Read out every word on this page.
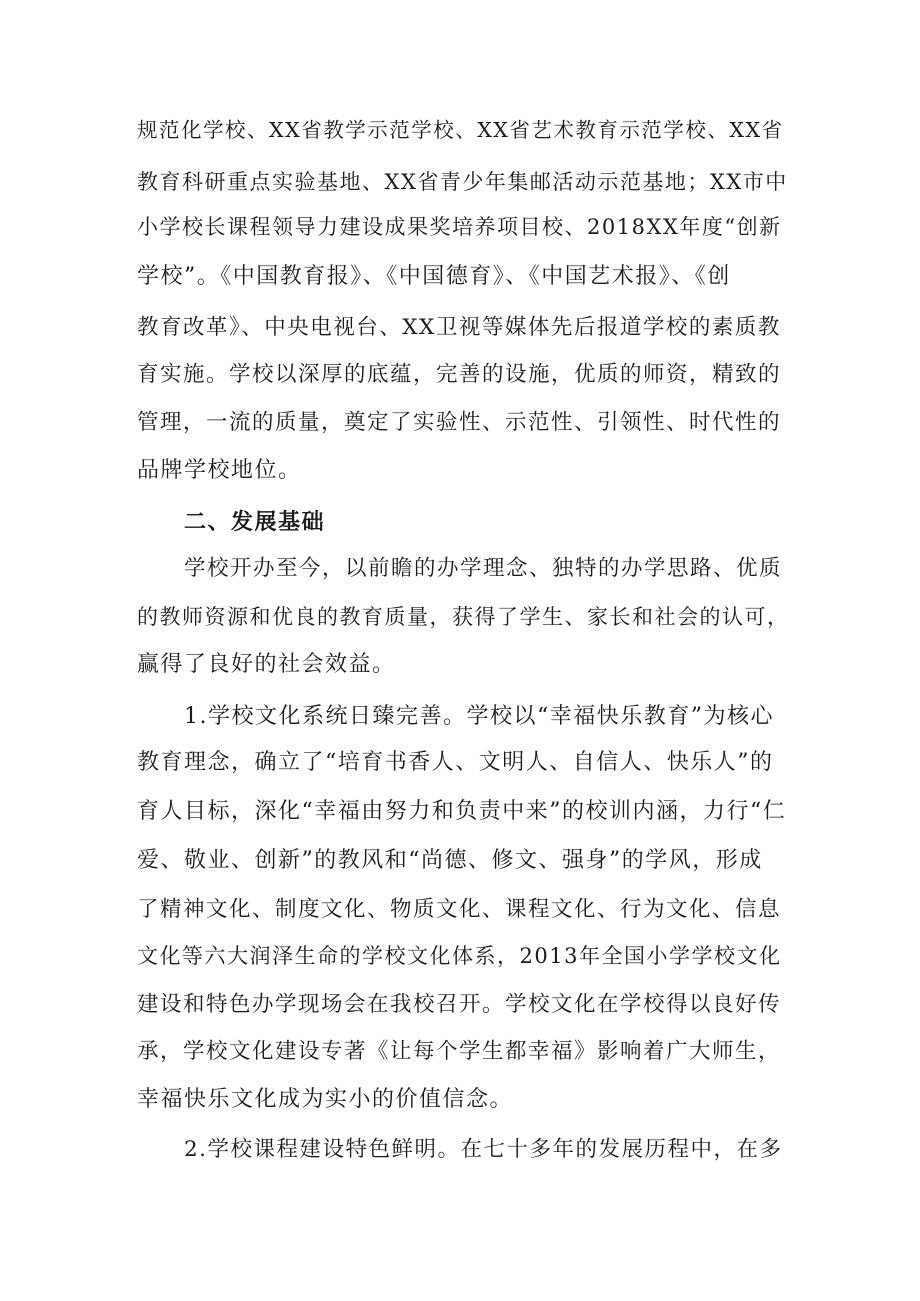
规范化学校、XX省教学示范学校、XX省艺术教育示范学校、XX省
教育科研重点实验基地、XX省青少年集邮活动示范基地；XX市中
小学校长课程领导力建设成果奖培养项目校、2018XX年度“创新
学校”。《中国教育报》、《中国德育》、《中国艺术报》、《创
教育改革》、中央电视台、XX卫视等媒体先后报道学校的素质教
育实施。学校以深厚的底蕴，完善的设施，优质的师资，精致的
管理，一流的质量，奠定了实验性、示范性、引领性、时代性的
品牌学校地位。
二、发展基础
学校开办至今，以前瞻的办学理念、独特的办学思路、优质
的教师资源和优良的教育质量，获得了学生、家长和社会的认可，
赢得了良好的社会效益。
1.学校文化系统日臻完善。学校以“幸福快乐教育”为核心
教育理念，确立了“培育书香人、文明人、自信人、快乐人”的
育人目标，深化“幸福由努力和负责中来”的校训内涵，力行“仁
爱、敬业、创新”的教风和“尚德、修文、强身”的学风，形成
了精神文化、制度文化、物质文化、课程文化、行为文化、信息
文化等六大润泽生命的学校文化体系，2013年全国小学学校文化
建设和特色办学现场会在我校召开。学校文化在学校得以良好传
承，学校文化建设专著《让每个学生都幸福》影响着广大师生，
幸福快乐文化成为实小的价值信念。
2.学校课程建设特色鲜明。在七十多年的发展历程中，在多
